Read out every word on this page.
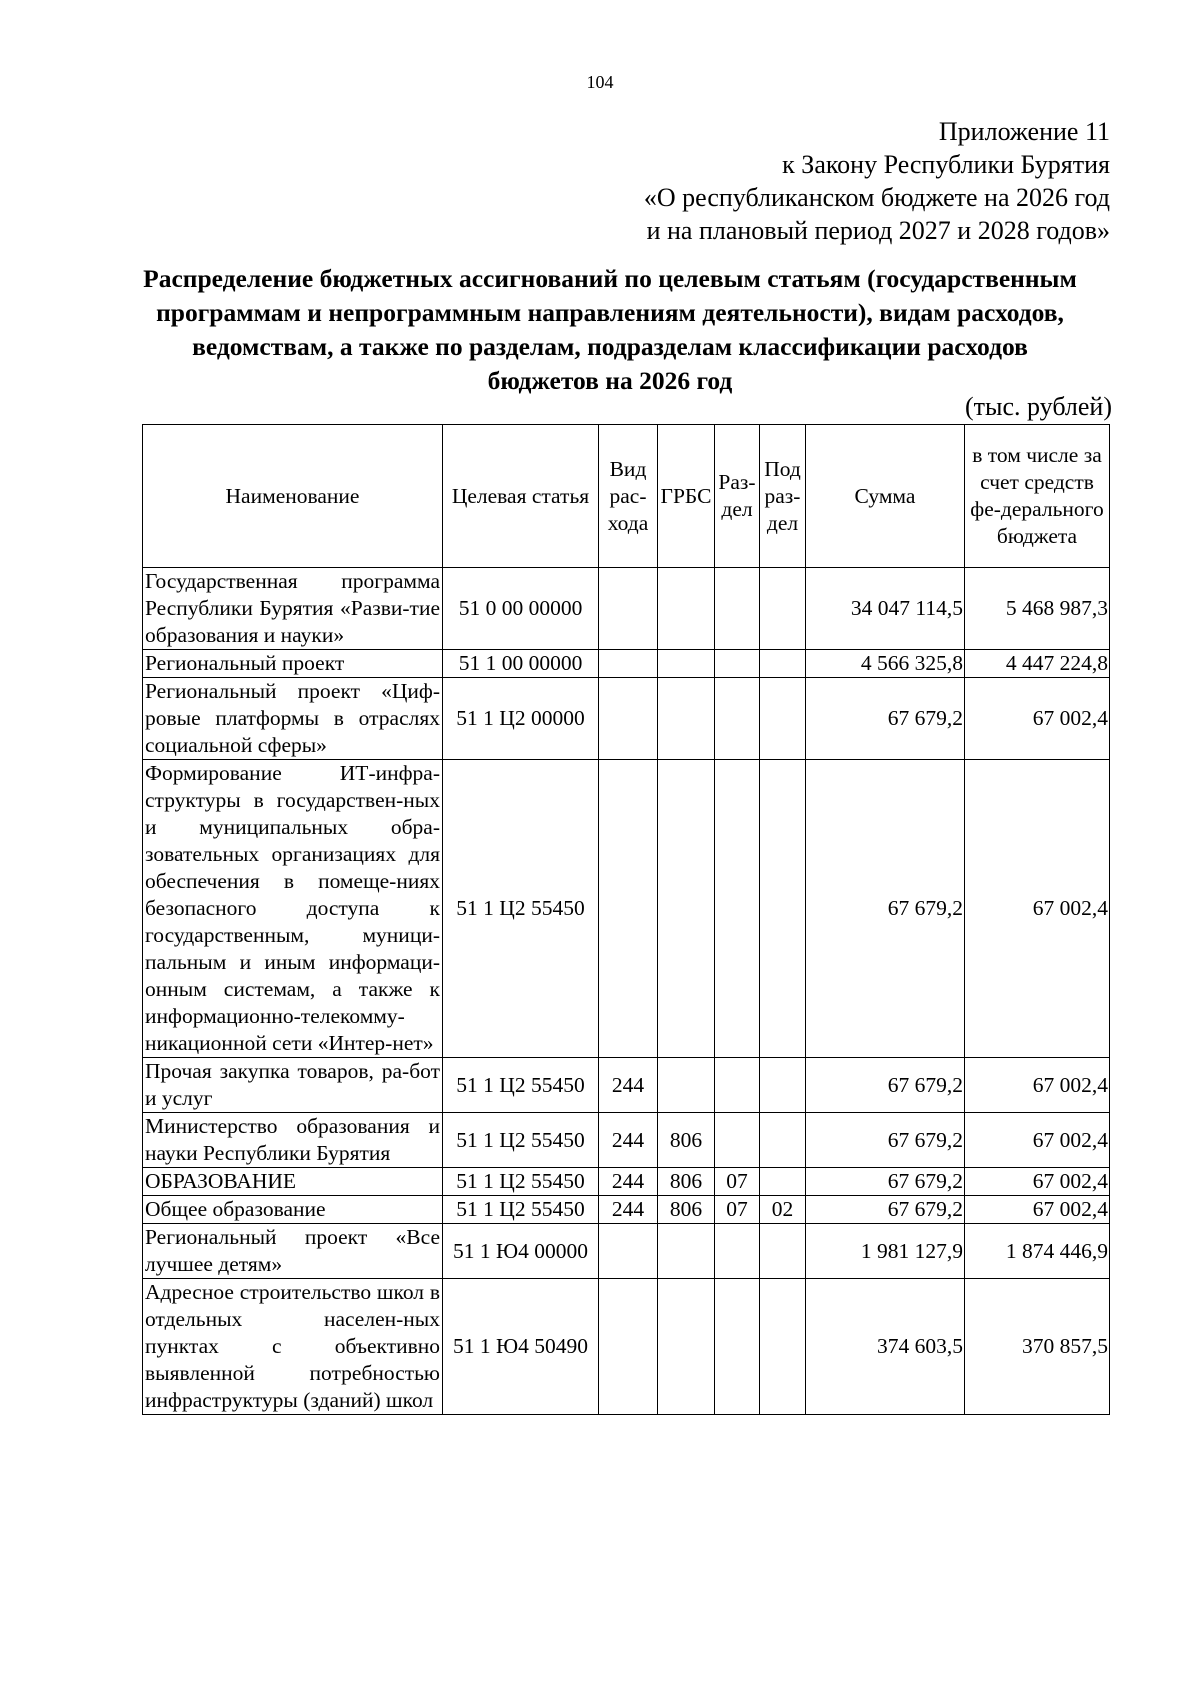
104
Приложение 11
к Закону Республики Бурятия
«О республиканском бюджете на 2026 год
и на плановый период 2027 и 2028 годов»
Распределение бюджетных ассигнований по целевым статьям (государственным программам и непрограммным направлениям деятельности), видам расходов, ведомствам, а также по разделам, подразделам классификации расходов бюджетов на 2026 год
(тыс. рублей)
Наименование	Целевая статья	Вид рас-хода	ГРБС	Раз-дел	Под раз-дел	Сумма	в том числе за счет средств фе-дерального бюджета
Государственная программа Республики Бурятия «Разви-тие образования и науки»	51 0 00 00000					34 047 114,5	5 468 987,3
Региональный проект	51 1 00 00000					4 566 325,8	4 447 224,8
Региональный проект «Циф-ровые платформы в отраслях социальной сферы»	51 1 Ц2 00000					67 679,2	67 002,4
Формирование ИТ-инфра-структуры в государствен-ных и муниципальных обра-зовательных организациях для обеспечения в помеще-ниях безопасного доступа к государственным, муници-пальным и иным информаци-онным системам, а также к информационно-телекомму-никационной сети «Интер-нет»	51 1 Ц2 55450					67 679,2	67 002,4
Прочая закупка товаров, ра-бот и услуг	51 1 Ц2 55450	244				67 679,2	67 002,4
Министерство образования и науки Республики Бурятия	51 1 Ц2 55450	244	806			67 679,2	67 002,4
ОБРАЗОВАНИЕ	51 1 Ц2 55450	244	806	07		67 679,2	67 002,4
Общее образование	51 1 Ц2 55450	244	806	07	02	67 679,2	67 002,4
Региональный проект «Все лучшее детям»	51 1 Ю4 00000					1 981 127,9	1 874 446,9
Адресное строительство школ в отдельных населен-ных пунктах с объективно выявленной потребностью инфраструктуры (зданий) школ	51 1 Ю4 50490					374 603,5	370 857,5
